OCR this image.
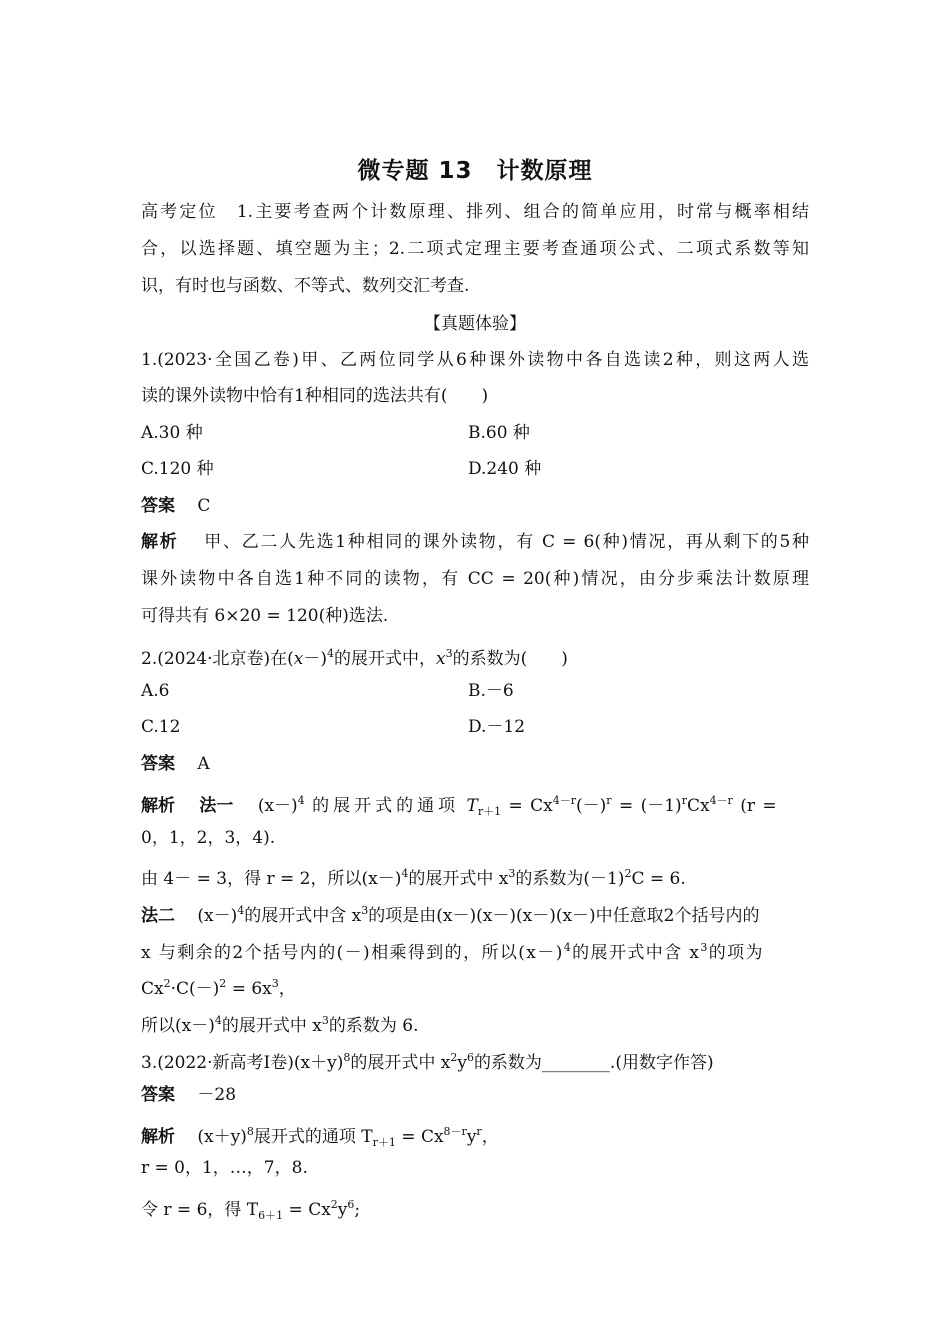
微专题 13　计数原理
高考定位　1.主要考查两个计数原理、排列、组合的简单应用，时常与概率相结
合，以选择题、填空题为主；2.二项式定理主要考查通项公式、二项式系数等知
识，有时也与函数、不等式、数列交汇考查.
【真题体验】
1.(2023·全国乙卷)甲、乙两位同学从6种课外读物中各自选读2种，则这两人选
读的课外读物中恰有1种相同的选法共有(　　)
A.30 种	B.60 种
C.120 种	D.240 种
答案　 C
解析　 甲、乙二人先选1种相同的课外读物，有 C = 6(种)情况，再从剩下的5种
课外读物中各自选1种不同的读物，有 CC = 20(种)情况，由分步乘法计数原理
可得共有 6×20 = 120(种)选法.
2.(2024·北京卷)在$(x-)^4$的展开式中，$x^3$的系数为(　　)
A.6	B.－6
C.12	D.－12
答案　 A
解析　 法一　 $(x-)^4$ 的展开式的通项 $T_{r+1} = Cx^{4-r}(-)^r = (-1)^rCx^{4-r}$ (r =
0，1，2，3，4).
由 4－ = 3，得 r = 2，所以$(x-)^4$的展开式中 $x^3$的系数为$(-1)^2C = 6$.
法二　 $(x-)^4$的展开式中含 $x^3$的项是由(x－)(x－)(x－)(x－)中任意取2个括号内的
x 与剩余的2个括号内的(－)相乘得到的，所以$(x-)^4$的展开式中含 $x^3$的项为
$Cx^2\cdot C(-)^2 = 6x^3$，
所以$(x-)^4$的展开式中 $x^3$的系数为 6.
3.(2022·新高考Ⅰ卷)$(x+y)^8$的展开式中 $x^2y^6$的系数为________.(用数字作答)
答案　 －28
解析　 $(x+y)^8$展开式的通项 $T_{r+1} = Cx^{8-r}y^r$，
r = 0，1，…，7，8.
令 r = 6，得 $T_{6+1} = Cx^2y^6$;
